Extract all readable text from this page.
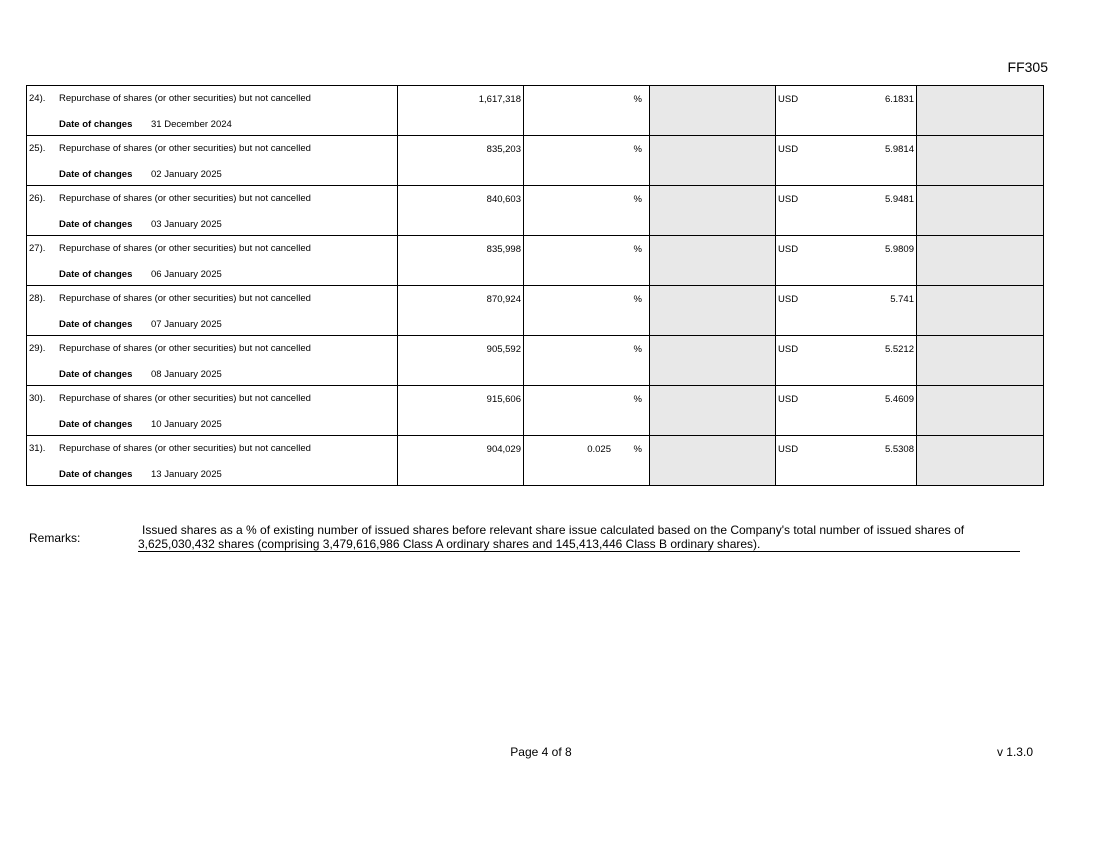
FF305
24). Repurchase of shares (or other securities) but not cancelled
Date of changes 31 December 2024	1,617,318	%		USD 6.1831	

25). Repurchase of shares (or other securities) but not cancelled
Date of changes 02 January 2025	835,203	%		USD 5.9814	

26). Repurchase of shares (or other securities) but not cancelled
Date of changes 03 January 2025	840,603	%		USD 5.9481	

27). Repurchase of shares (or other securities) but not cancelled
Date of changes 06 January 2025	835,998	%		USD 5.9809	

28). Repurchase of shares (or other securities) but not cancelled
Date of changes 07 January 2025	870,924	%		USD 5.741	

29). Repurchase of shares (or other securities) but not cancelled
Date of changes 08 January 2025	905,592	%		USD 5.5212	

30). Repurchase of shares (or other securities) but not cancelled
Date of changes 10 January 2025	915,606	%		USD 5.4609	

31). Repurchase of shares (or other securities) but not cancelled
Date of changes 13 January 2025	904,029	0.025 %		USD 5.5308	

Remarks:
Issued shares as a % of existing number of issued shares before relevant share issue calculated based on the Company's total number of issued shares of
3,625,030,432 shares (comprising 3,479,616,986 Class A ordinary shares and 145,413,446 Class B ordinary shares).
Page 4 of 8	v 1.3.0
